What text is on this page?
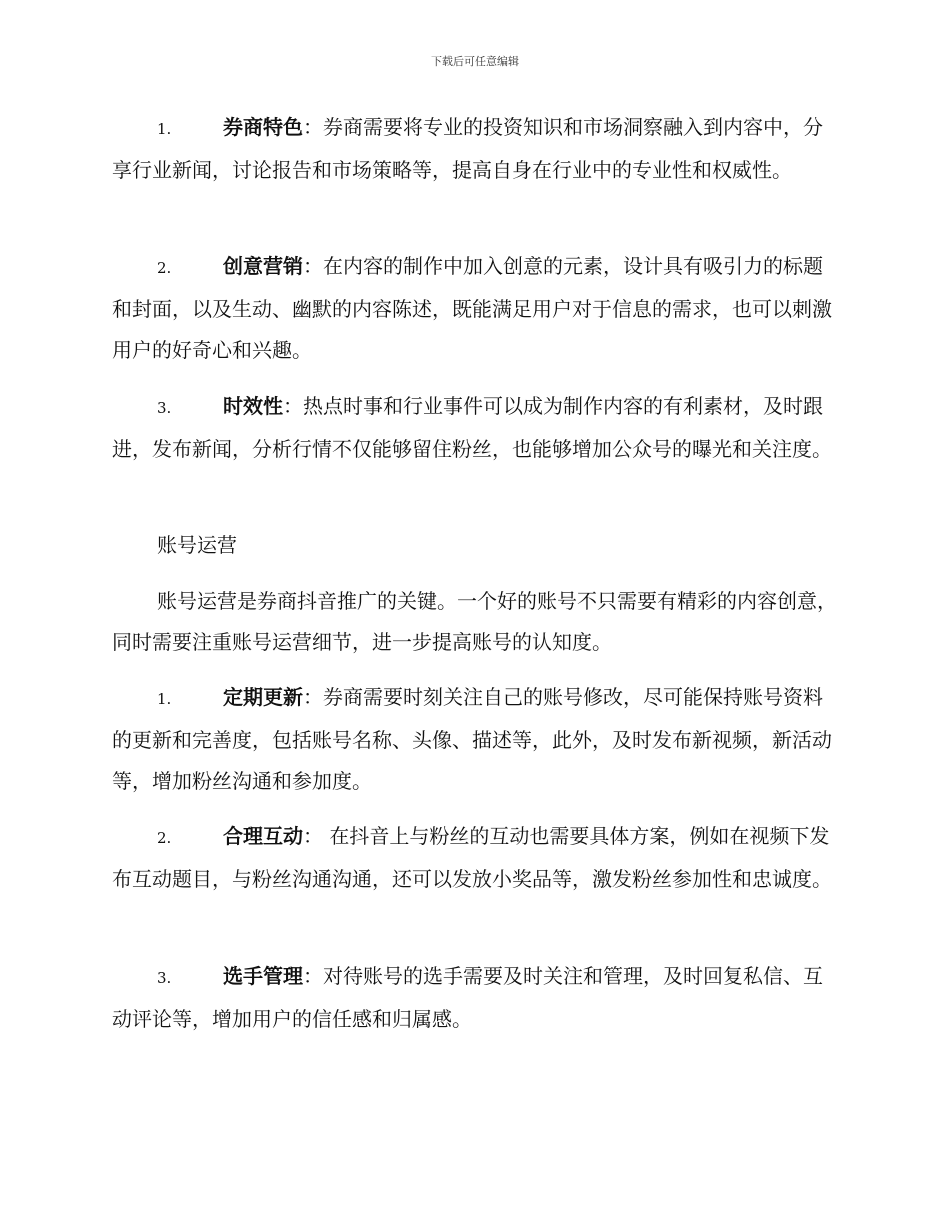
下载后可任意编辑

1.	券商特色：券商需要将专业的投资知识和市场洞察融入到内容中，分享行业新闻，讨论报告和市场策略等，提高自身在行业中的专业性和权威性。

2.	创意营销：在内容的制作中加入创意的元素，设计具有吸引力的标题和封面，以及生动、幽默的内容陈述，既能满足用户对于信息的需求，也可以刺激用户的好奇心和兴趣。

3.	时效性：热点时事和行业事件可以成为制作内容的有利素材，及时跟进，发布新闻，分析行情不仅能够留住粉丝，也能够增加公众号的曝光和关注度。

账号运营

账号运营是券商抖音推广的关键。一个好的账号不只需要有精彩的内容创意，同时需要注重账号运营细节，进一步提高账号的认知度。

1.	定期更新：券商需要时刻关注自己的账号修改，尽可能保持账号资料的更新和完善度，包括账号名称、头像、描述等，此外，及时发布新视频，新活动等，增加粉丝沟通和参加度。

2.	合理互动： 在抖音上与粉丝的互动也需要具体方案，例如在视频下发布互动题目，与粉丝沟通沟通，还可以发放小奖品等，激发粉丝参加性和忠诚度。

3.	选手管理：对待账号的选手需要及时关注和管理，及时回复私信、互动评论等，增加用户的信任感和归属感。
